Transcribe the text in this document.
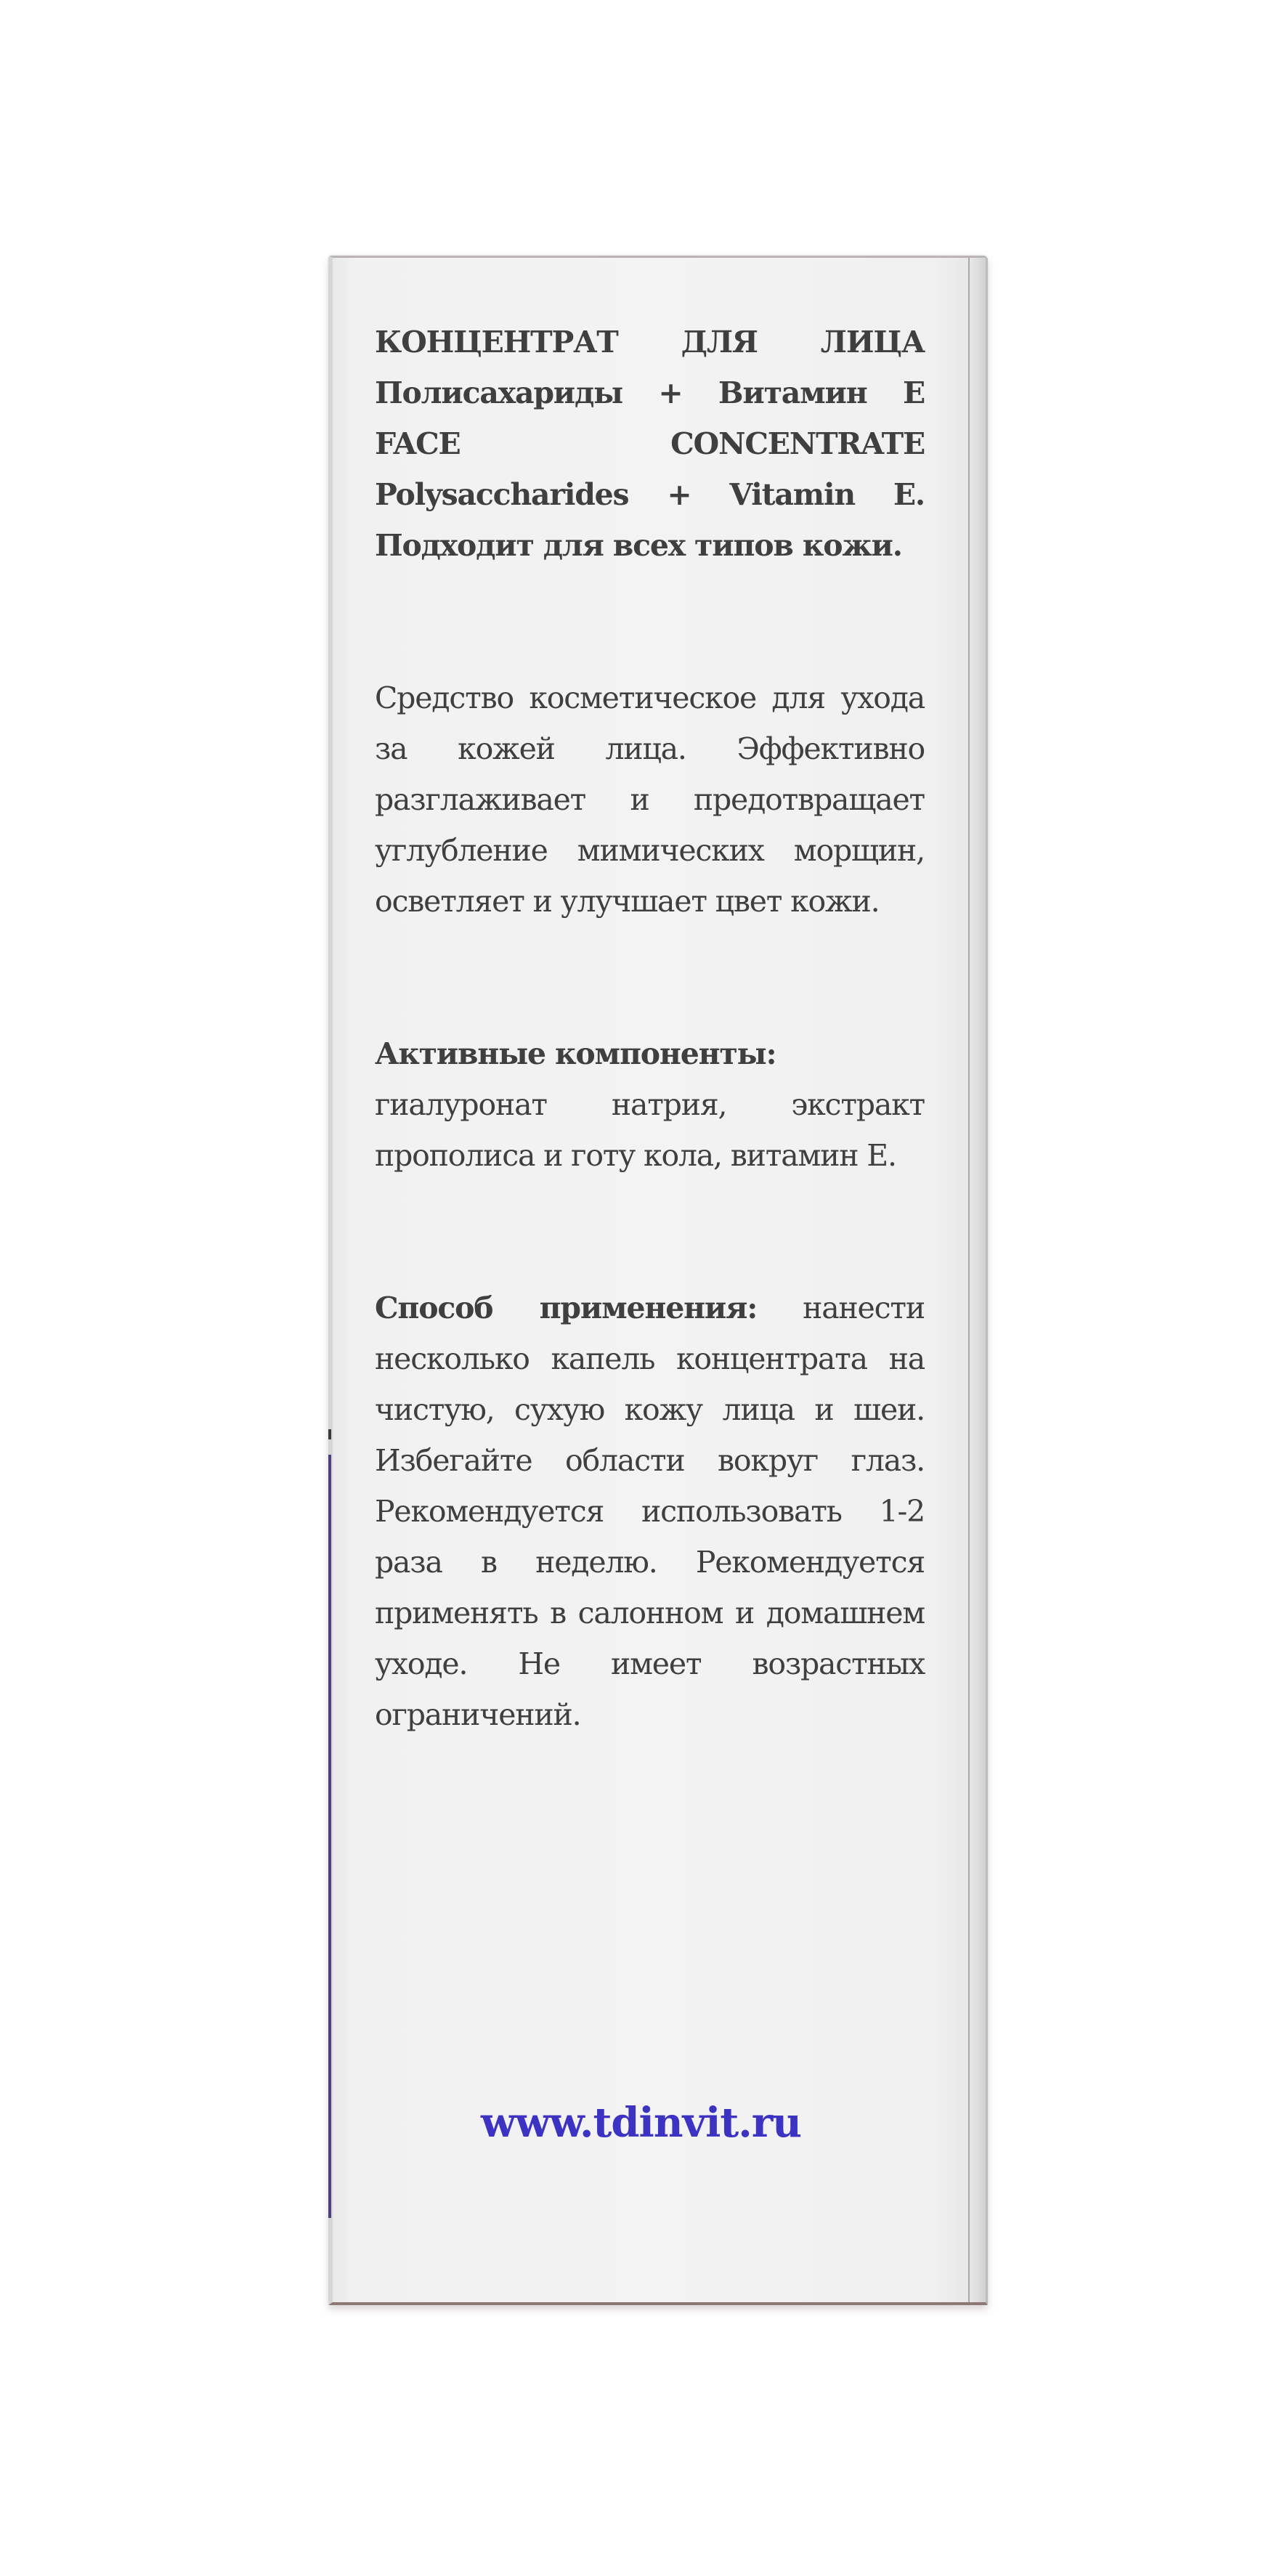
КОНЦЕНТРАТ ДЛЯ ЛИЦА Полисахариды + Витамин Е FACE CONCENTRATE Polysaccharides + Vitamin E. Подходит для всех типов кожи.

Средство косметическое для ухода за кожей лица. Эффективно разглаживает и предотвращает углубление мимических морщин, осветляет и улучшает цвет кожи.

Активные компоненты:

гиалуронат натрия, экстракт прополиса и готу кола, витамин Е.

Способ применения: нанести несколько капель концентрата на чистую, сухую кожу лица и шеи. Избегайте области вокруг глаз. Рекомендуется использовать 1-2 раза в неделю. Рекомендуется применять в салонном и домашнем уходе. Не имеет возрастных ограничений.

www.tdinvit.ru
